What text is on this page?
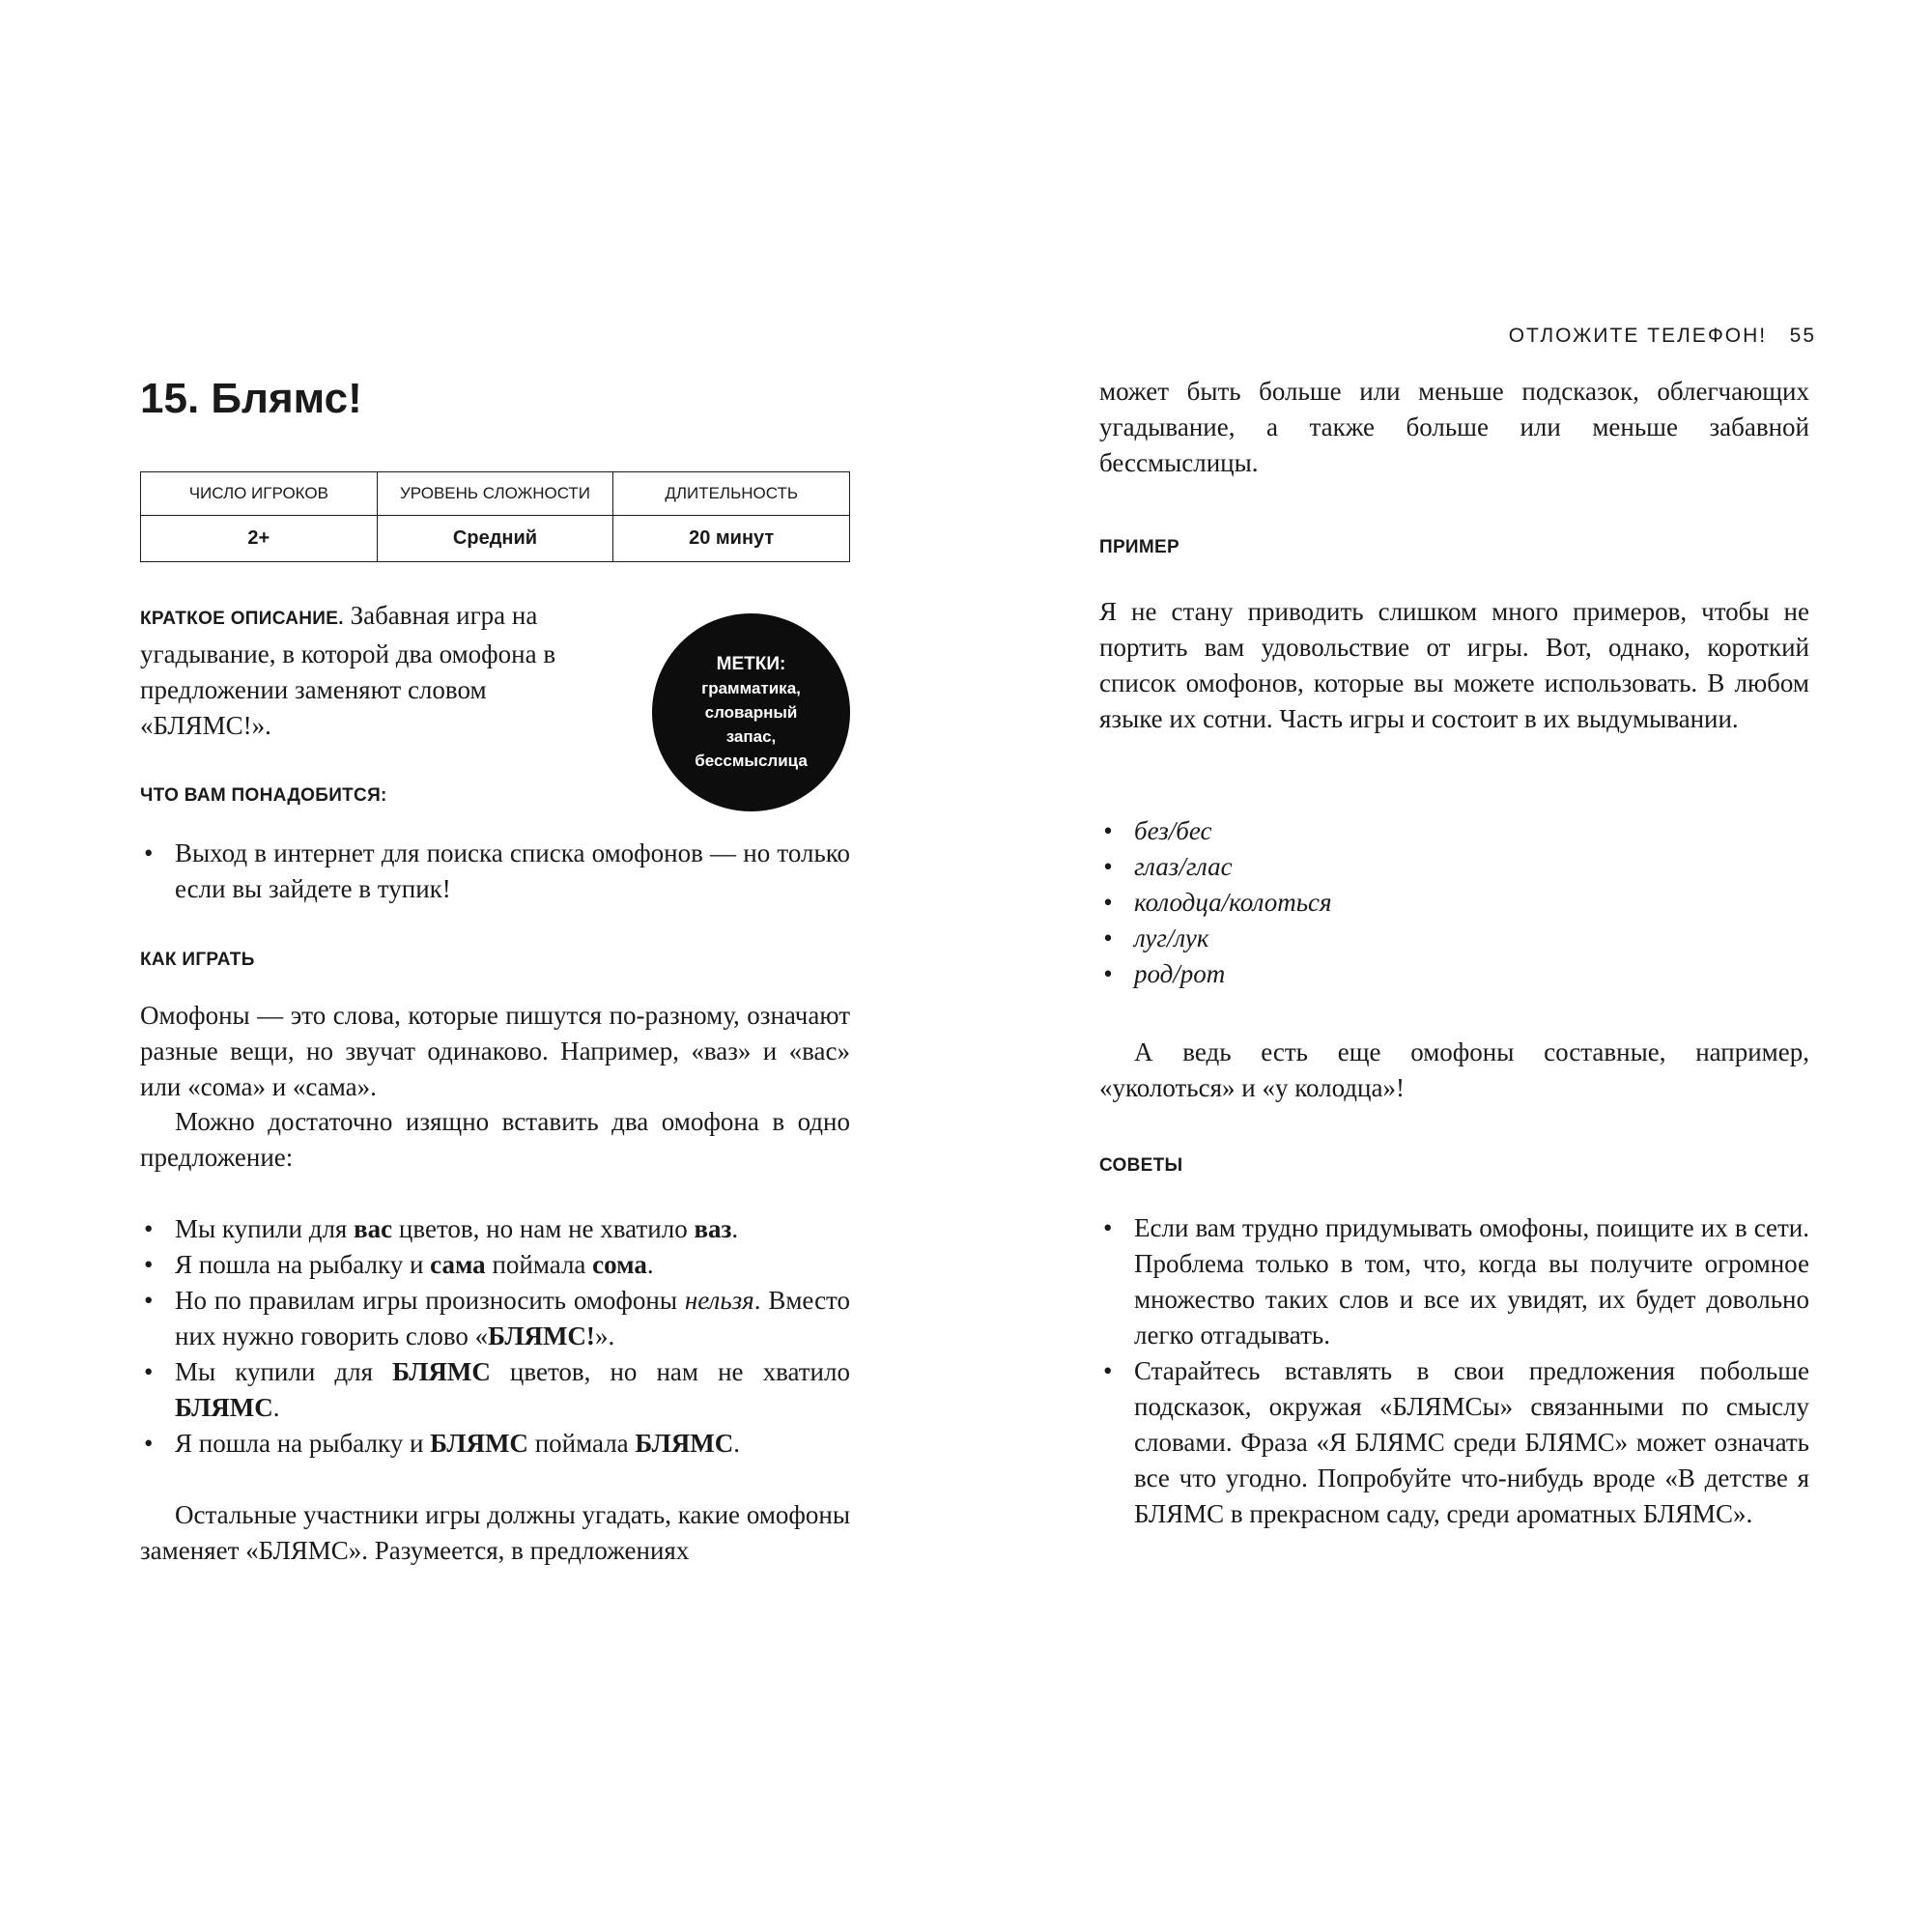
ОТЛОЖИТЕ ТЕЛЕФОН! 55
15. Блямс!
ЧИСЛО ИГРОКОВ	УРОВЕНЬ СЛОЖНОСТИ	ДЛИТЕЛЬНОСТЬ
2+	Средний	20 минут
КРАТКОЕ ОПИСАНИЕ. Забавная игра на угадывание, в которой два омофона в предложении заменяют словом «БЛЯМС!».
МЕТКИ:
грамматика, словарный запас, бессмыслица
ЧТО ВАМ ПОНАДОБИТСЯ:
• Выход в интернет для поиска списка омофонов — но только если вы зайдете в тупик!
КАК ИГРАТЬ

Омофоны — это слова, которые пишутся по-разному, означают разные вещи, но звучат одинаково. Например, «ваз» и «вас» или «сома» и «сама».

Можно достаточно изящно вставить два омофона в одно предложение:

• Мы купили для вас цветов, но нам не хватило ваз.
• Я пошла на рыбалку и сама поймала сома.
• Но по правилам игры произносить омофоны нельзя. Вместо них нужно говорить слово «БЛЯМС!».
• Мы купили для БЛЯМС цветов, но нам не хватило БЛЯМС.
• Я пошла на рыбалку и БЛЯМС поймала БЛЯМС.

Остальные участники игры должны угадать, какие омофоны заменяет «БЛЯМС». Разумеется, в предложениях

может быть больше или меньше подсказок, облегчающих угадывание, а также больше или меньше забавной бессмыслицы.

ПРИМЕР

Я не стану приводить слишком много примеров, чтобы не портить вам удовольствие от игры. Вот, однако, короткий список омофонов, которые вы можете использовать. В любом языке их сотни. Часть игры и состоит в их выдумывании.

• без/бес
• глаз/глас
• колодца/колоться
• луг/лук
• род/рот

А ведь есть еще омофоны составные, например, «уколоться» и «у колодца»!

СОВЕТЫ
• Если вам трудно придумывать омофоны, поищите их в сети. Проблема только в том, что, когда вы получите огромное множество таких слов и все их увидят, их будет довольно легко отгадывать.
• Старайтесь вставлять в свои предложения побольше подсказок, окружая «БЛЯМСы» связанными по смыслу словами. Фраза «Я БЛЯМС среди БЛЯМС» может означать все что угодно. Попробуйте что-нибудь вроде «В детстве я БЛЯМС в прекрасном саду, среди ароматных БЛЯМС».
